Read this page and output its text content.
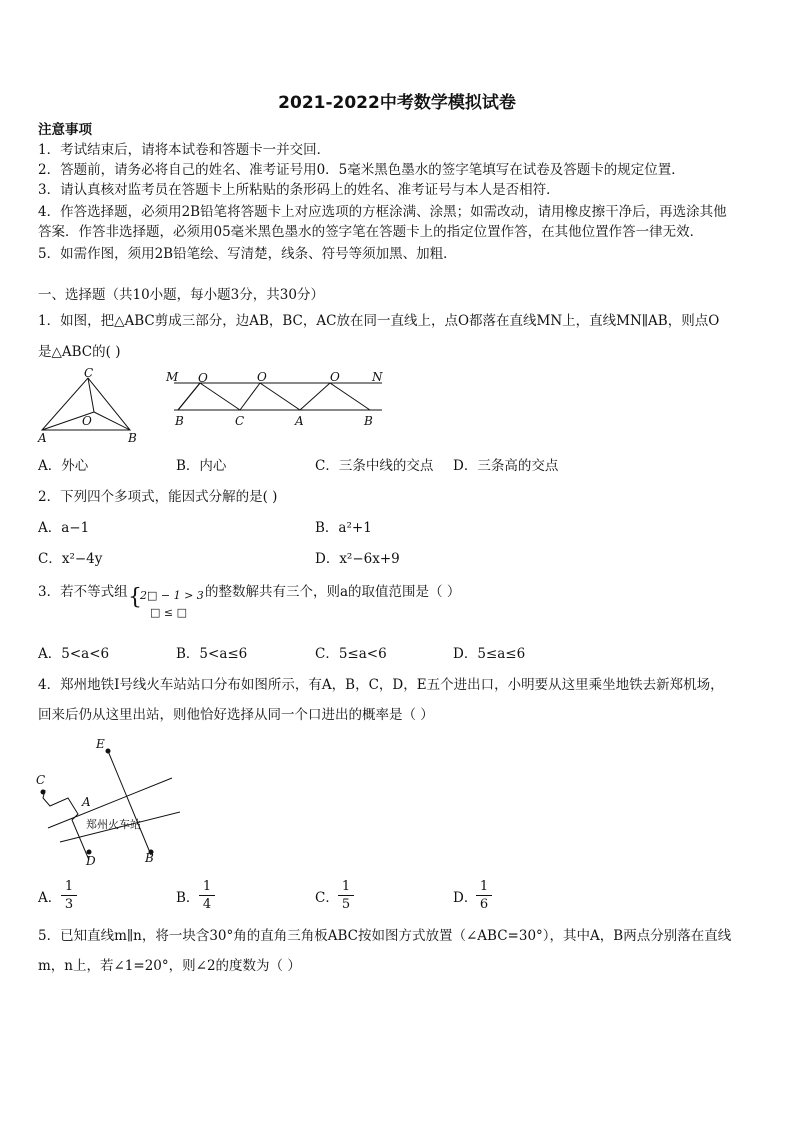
2021-2022中考数学模拟试卷
注意事项
1．考试结束后，请将本试卷和答题卡一并交回．
2．答题前，请务必将自己的姓名、准考证号用0．5毫米黑色墨水的签字笔填写在试卷及答题卡的规定位置．
3．请认真核对监考员在答题卡上所粘贴的条形码上的姓名、准考证号与本人是否相符．
4．作答选择题，必须用2B铅笔将答题卡上对应选项的方框涂满、涂黑；如需改动，请用橡皮擦干净后，再选涂其他
答案．作答非选择题，必须用05毫米黑色墨水的签字笔在答题卡上的指定位置作答，在其他位置作答一律无效．
5．如需作图，须用2B铅笔绘、写清楚，线条、符号等须加黑、加粗．
一、选择题（共10小题，每小题3分，共30分）
1．如图，把△ABC剪成三部分，边AB，BC，AC放在同一直线上，点O都落在直线MN上，直线MN∥AB，则点O
是△ABC的( )
C
O
A	B
M O	O	O	N
B	C	A	B
A．外心	B．内心	C．三条中线的交点 D．三条高的交点
2．下列四个多项式，能因式分解的是( )
A．a−1	B．a²+1
C．x²−4y	D．x²−6x+9
3．若不等式组 {
2□ − 1 > 3
□ ≤ □
的整数解共有三个，则a的取值范围是（ ）
A．5<a<6	B．5<a≤6	C．5≤a<6	D．5≤a≤6
4．郑州地铁Ⅰ号线火车站站口分布如图所示，有A，B，C，D，E五个进出口，小明要从这里乘坐地铁去新郑机场，
回来后仍从这里出站，则他恰好选择从同一个口进出的概率是（ ）
E
C
A
郑州火车站
D	B
A．
1
3	B．
1
4	C．
1
5	D．
1
6
5．已知直线m∥n，将一块含30°角的直角三角板ABC按如图方式放置（∠ABC=30°），其中A，B两点分别落在直线
m，n上，若∠1=20°，则∠2的度数为（ ）
